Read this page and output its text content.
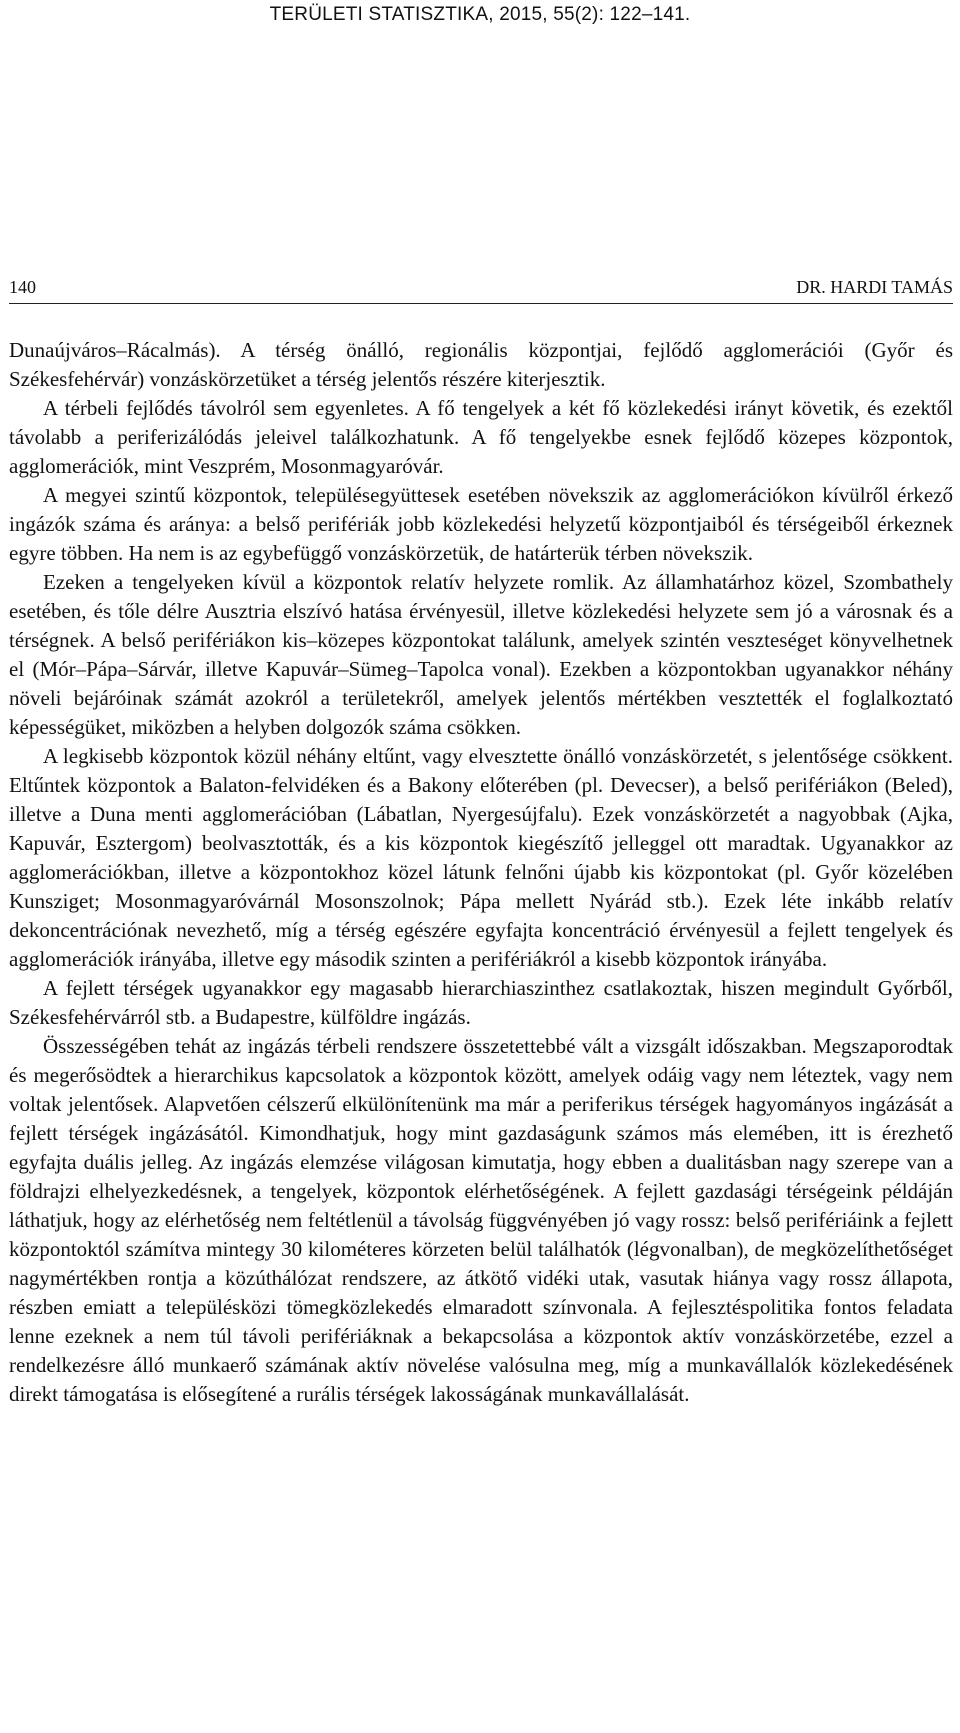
TERÜLETI STATISZTIKA, 2015, 55(2): 122–141.
140	DR. HARDI TAMÁS

Dunaújváros–Rácalmás). A térség önálló, regionális központjai, fejlődő agglomerációi (Győr és Székesfehérvár) vonzáskörzetüket a térség jelentős részére kiterjesztik.

A térbeli fejlődés távolról sem egyenletes. A fő tengelyek a két fő közlekedési irányt követik, és ezektől távolabb a periferizálódás jeleivel találkozhatunk. A fő tengelyekbe esnek fejlődő közepes központok, agglomerációk, mint Veszprém, Mosonmagyaróvár.

A megyei szintű központok, településegyüttesek esetében növekszik az agglomerációkon kívülről érkező ingázók száma és aránya: a belső perifériák jobb közlekedési helyzetű központjaiból és térségeiből érkeznek egyre többen. Ha nem is az egybefüggő vonzáskörzetük, de határterük térben növekszik.

Ezeken a tengelyeken kívül a központok relatív helyzete romlik. Az államhatárhoz közel, Szombathely esetében, és tőle délre Ausztria elszívó hatása érvényesül, illetve közlekedési helyzete sem jó a városnak és a térségnek. A belső perifériákon kis–közepes központokat találunk, amelyek szintén veszteséget könyvelhetnek el (Mór–Pápa–Sárvár, illetve Kapuvár–Sümeg–Tapolca vonal). Ezekben a központokban ugyanakkor néhány növeli bejáróinak számát azokról a területekről, amelyek jelentős mértékben vesztették el foglalkoztató képességüket, miközben a helyben dolgozók száma csökken.

A legkisebb központok közül néhány eltűnt, vagy elvesztette önálló vonzáskörzetét, s jelentősége csökkent. Eltűntek központok a Balaton-felvidéken és a Bakony előterében (pl. Devecser), a belső perifériákon (Beled), illetve a Duna menti agglomerációban (Lábatlan, Nyergesújfalu). Ezek vonzáskörzetét a nagyobbak (Ajka, Kapuvár, Esztergom) beolvasztották, és a kis központok kiegészítő jelleggel ott maradtak. Ugyanakkor az agglomerációkban, illetve a központokhoz közel látunk felnőni újabb kis központokat (pl. Győr közelében Kunsziget; Mosonmagyaróvárnál Mosonszolnok; Pápa mellett Nyárád stb.). Ezek léte inkább relatív dekoncentrációnak nevezhető, míg a térség egészére egyfajta koncentráció érvényesül a fejlett tengelyek és agglomerációk irányába, illetve egy második szinten a perifériákról a kisebb központok irányába.

A fejlett térségek ugyanakkor egy magasabb hierarchiaszinthez csatlakoztak, hiszen megindult Győrből, Székesfehérvárról stb. a Budapestre, külföldre ingázás.

Összességében tehát az ingázás térbeli rendszere összetettebbé vált a vizsgált időszakban. Megszaporodtak és megerősödtek a hierarchikus kapcsolatok a központok között, amelyek odáig vagy nem léteztek, vagy nem voltak jelentősek. Alapvetően célszerű elkülönítenünk ma már a periferikus térségek hagyományos ingázását a fejlett térségek ingázásától. Kimondhatjuk, hogy mint gazdaságunk számos más elemében, itt is érezhető egyfajta duális jelleg. Az ingázás elemzése világosan kimutatja, hogy ebben a dualitásban nagy szerepe van a földrajzi elhelyezkedésnek, a tengelyek, központok elérhetőségének. A fejlett gazdasági térségeink példáján láthatjuk, hogy az elérhetőség nem feltétlenül a távolság függvényében jó vagy rossz: belső perifériáink a fejlett központoktól számítva mintegy 30 kilométeres körzeten belül találhatók (légvonalban), de megközelíthetőséget nagymértékben rontja a közúthálózat rendszere, az átkötő vidéki utak, vasutak hiánya vagy rossz állapota, részben emiatt a településközi tömegközlekedés elmaradott színvonala. A fejlesztéspolitika fontos feladata lenne ezeknek a nem túl távoli perifériáknak a bekapcsolása a központok aktív vonzáskörzetébe, ezzel a rendelkezésre álló munkaerő számának aktív növelése valósulna meg, míg a munkavállalók közlekedésének direkt támogatása is elősegítené a rurális térségek lakosságának munkavállalását.
